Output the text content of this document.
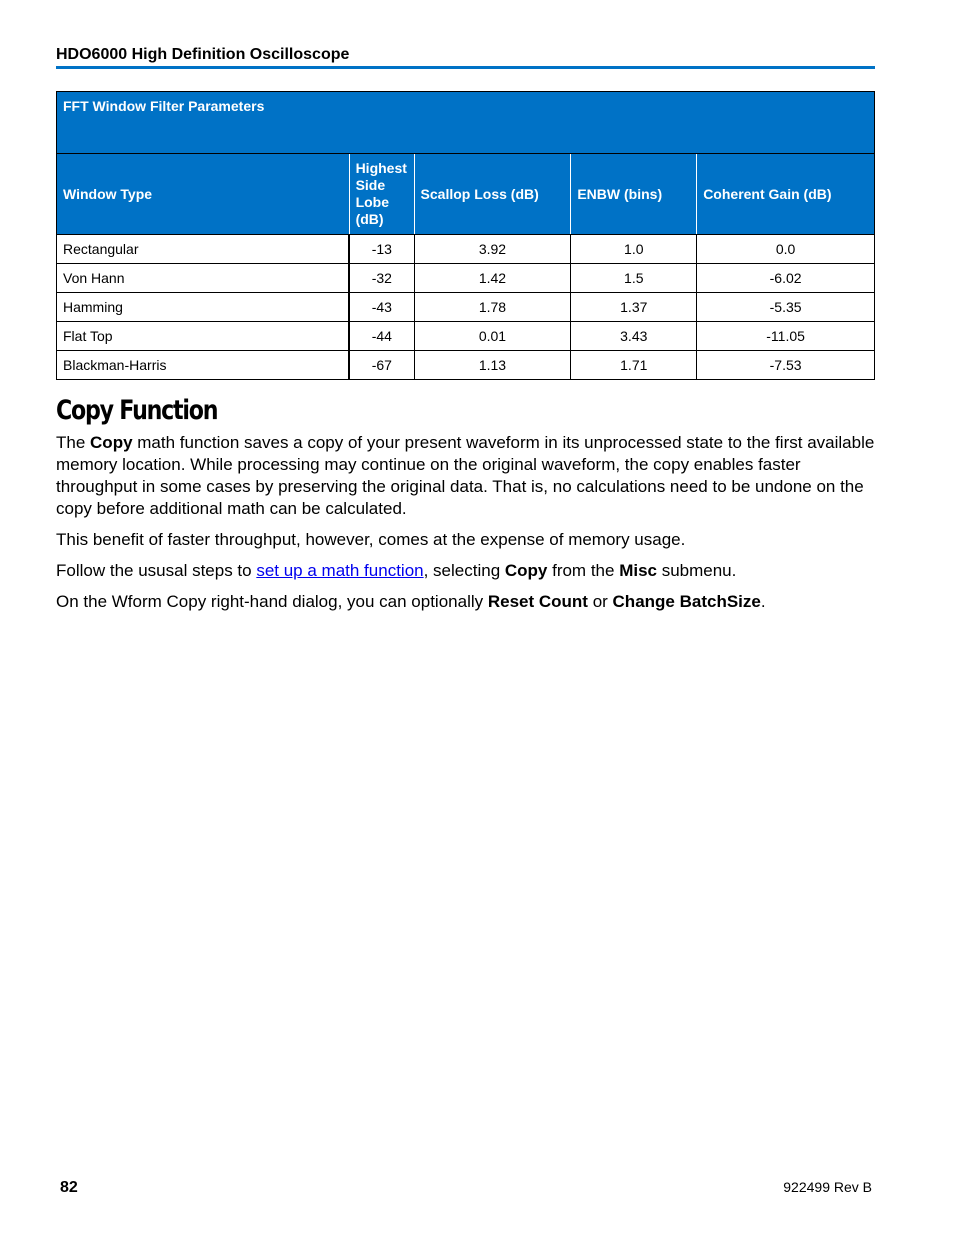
HDO6000 High Definition Oscilloscope
FFT Window Filter Parameters				
Window Type	Highest Side Lobe (dB)	Scallop Loss (dB)	ENBW (bins)	Coherent Gain (dB)
Rectangular	-13	3.92	1.0	0.0
Von Hann	-32	1.42	1.5	-6.02
Hamming	-43	1.78	1.37	-5.35
Flat Top	-44	0.01	3.43	-11.05
Blackman-Harris	-67	1.13	1.71	-7.53
Copy Function

The Copy math function saves a copy of your present waveform in its unprocessed state to the first available memory location. While processing may continue on the original waveform, the copy enables faster throughput in some cases by preserving the original data. That is, no calculations need to be undone on the copy before additional math can be calculated.

This benefit of faster throughput, however, comes at the expense of memory usage.

Follow the ususal steps to set up a math function, selecting Copy from the Misc submenu.

On the Wform Copy right-hand dialog, you can optionally Reset Count or Change BatchSize.

82	922499 Rev B
